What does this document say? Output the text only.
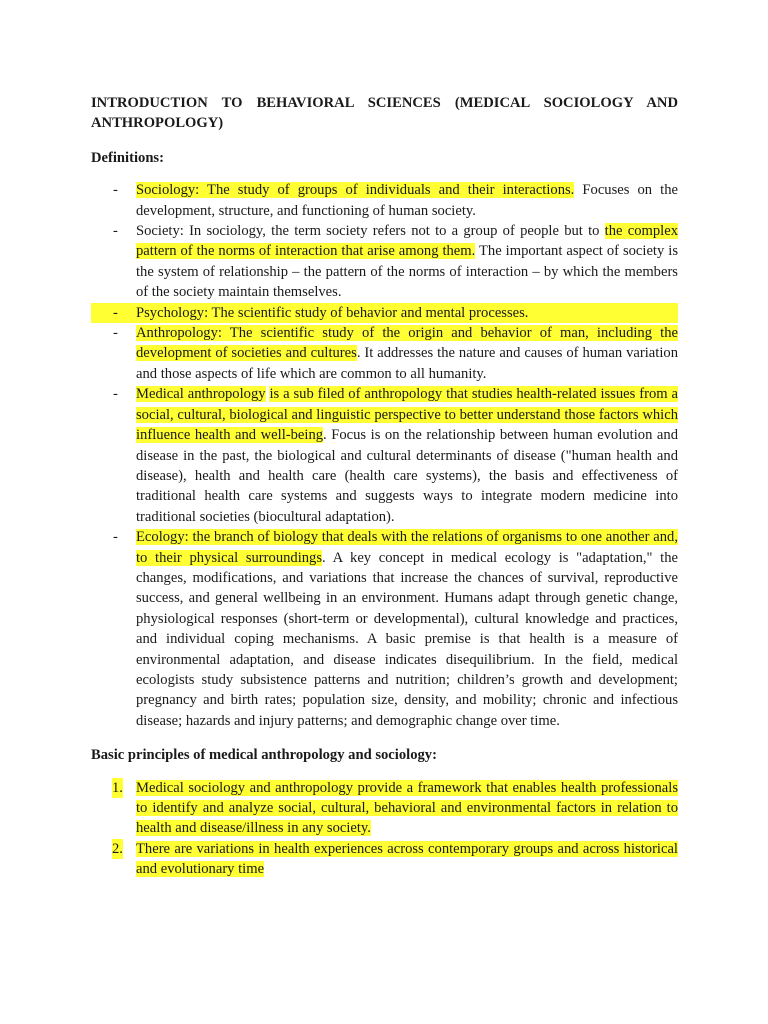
INTRODUCTION TO BEHAVIORAL SCIENCES (MEDICAL SOCIOLOGY AND ANTHROPOLOGY)

Definitions:

- Sociology: The study of groups of individuals and their interactions. Focuses on the development, structure, and functioning of human society.
- Society: In sociology, the term society refers not to a group of people but to the complex pattern of the norms of interaction that arise among them. The important aspect of society is the system of relationship – the pattern of the norms of interaction – by which the members of the society maintain themselves.
- Psychology: The scientific study of behavior and mental processes.
- Anthropology: The scientific study of the origin and behavior of man, including the development of societies and cultures. It addresses the nature and causes of human variation and those aspects of life which are common to all humanity.
- Medical anthropology is a sub filed of anthropology that studies health-related issues from a social, cultural, biological and linguistic perspective to better understand those factors which influence health and well-being. Focus is on the relationship between human evolution and disease in the past, the biological and cultural determinants of disease ("human health and disease), health and health care (health care systems), the basis and effectiveness of traditional health care systems and suggests ways to integrate modern medicine into traditional societies (biocultural adaptation).
- Ecology: the branch of biology that deals with the relations of organisms to one another and, to their physical surroundings. A key concept in medical ecology is "adaptation," the changes, modifications, and variations that increase the chances of survival, reproductive success, and general wellbeing in an environment. Humans adapt through genetic change, physiological responses (short-term or developmental), cultural knowledge and practices, and individual coping mechanisms. A basic premise is that health is a measure of environmental adaptation, and disease indicates disequilibrium. In the field, medical ecologists study subsistence patterns and nutrition; children’s growth and development; pregnancy and birth rates; population size, density, and mobility; chronic and infectious disease; hazards and injury patterns; and demographic change over time.

Basic principles of medical anthropology and sociology:

1. Medical sociology and anthropology provide a framework that enables health professionals to identify and analyze social, cultural, behavioral and environmental factors in relation to health and disease/illness in any society.
2. There are variations in health experiences across contemporary groups and across historical and evolutionary time
